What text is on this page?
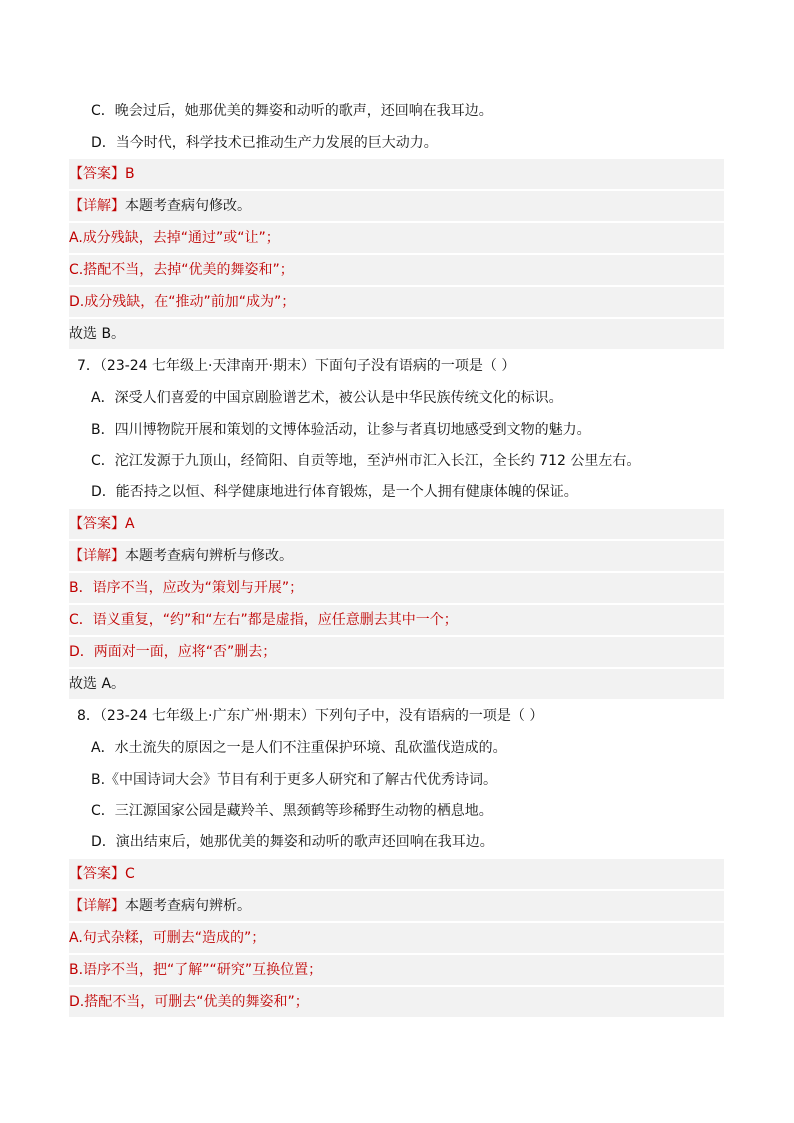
C．晚会过后，她那优美的舞姿和动听的歌声，还回响在我耳边。
D．当今时代，科学技术已推动生产力发展的巨大动力。
【答案】B
【详解】本题考查病句修改。
A.成分残缺，去掉“通过”或“让”；
C.搭配不当，去掉“优美的舞姿和”；
D.成分残缺，在“推动”前加“成为”；
故选 B。
7．（23-24 七年级上·天津南开·期末）下面句子没有语病的一项是（ ）
A．深受人们喜爱的中国京剧脸谱艺术，被公认是中华民族传统文化的标识。
B．四川博物院开展和策划的文博体验活动，让参与者真切地感受到文物的魅力。
C．沱江发源于九顶山，经简阳、自贡等地，至泸州市汇入长江，全长约 712 公里左右。
D．能否持之以恒、科学健康地进行体育锻炼，是一个人拥有健康体魄的保证。
【答案】A
【详解】本题考查病句辨析与修改。
B．语序不当，应改为“策划与开展”；
C．语义重复，“约”和“左右”都是虚指，应任意删去其中一个；
D．两面对一面，应将“否”删去；
故选 A。
8．（23-24 七年级上·广东广州·期末）下列句子中，没有语病的一项是（ ）
A．水土流失的原因之一是人们不注重保护环境、乱砍滥伐造成的。
B.《中国诗词大会》节目有利于更多人研究和了解古代优秀诗词。
C．三江源国家公园是藏羚羊、黑颈鹤等珍稀野生动物的栖息地。
D．演出结束后，她那优美的舞姿和动听的歌声还回响在我耳边。
【答案】C
【详解】本题考查病句辨析。
A.句式杂糅，可删去“造成的”；
B.语序不当，把“了解”“研究”互换位置；
D.搭配不当，可删去“优美的舞姿和”；
